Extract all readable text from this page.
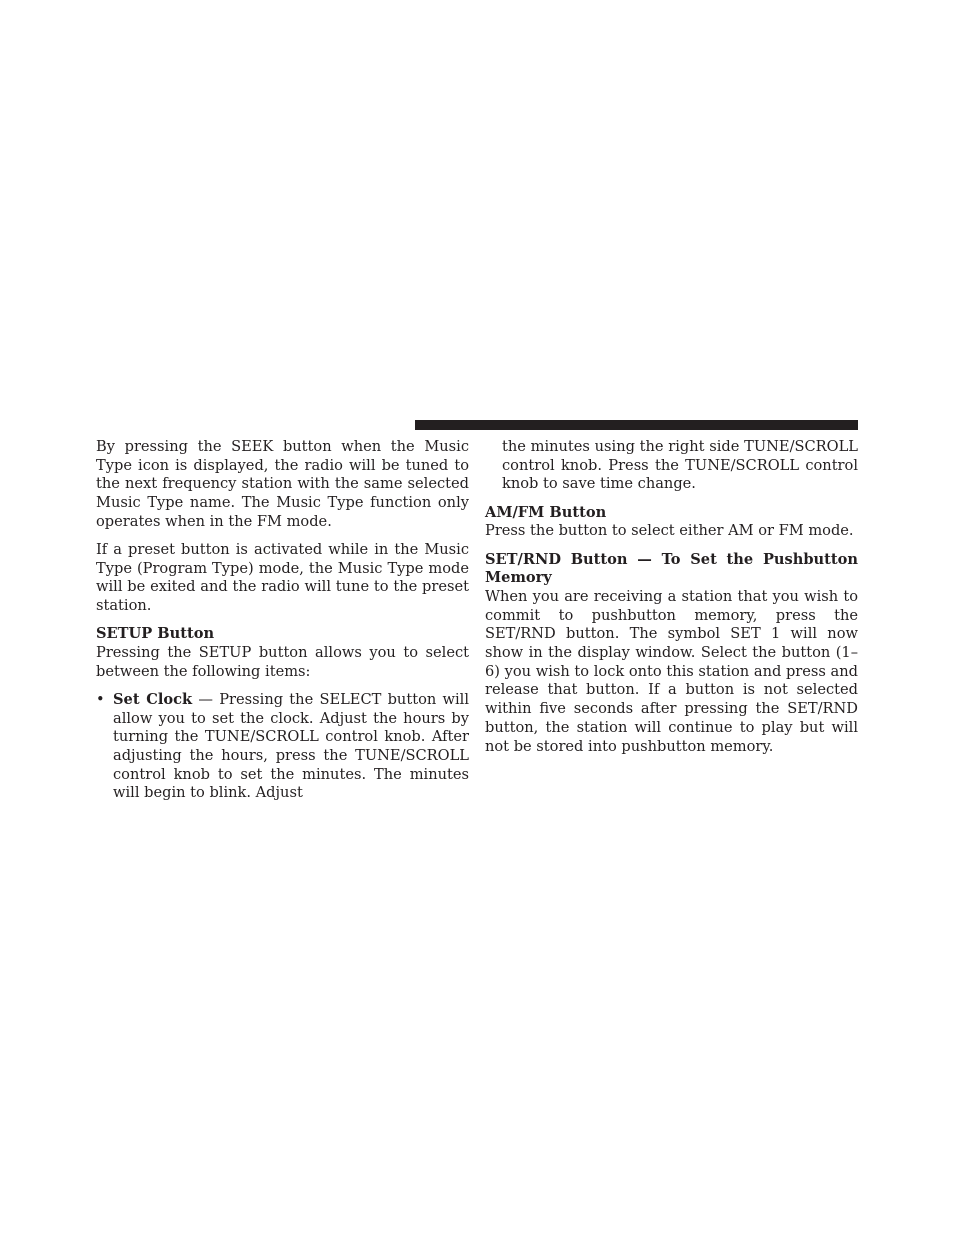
By pressing the SEEK button when the Music Type icon is displayed, the radio will be tuned to the next frequency station with the same selected Music Type name. The Music Type function only operates when in the FM mode.

If a preset button is activated while in the Music Type (Program Type) mode, the Music Type mode will be exited and the radio will tune to the preset station.

SETUP Button

Pressing the SETUP button allows you to select between the following items:

• Set Clock — Pressing the SELECT button will allow you to set the clock. Adjust the hours by turning the TUNE/SCROLL control knob. After adjusting the hours, press the TUNE/SCROLL control knob to set the minutes. The minutes will begin to blink. Adjust

the minutes using the right side TUNE/SCROLL control knob. Press the TUNE/SCROLL control knob to save time change.

AM/FM Button

Press the button to select either AM or FM mode.

SET/RND Button — To Set the Pushbutton Memory

When you are receiving a station that you wish to commit to pushbutton memory, press the SET/RND button. The symbol SET 1 will now show in the display window. Select the button (1–6) you wish to lock onto this station and press and release that button. If a button is not selected within five seconds after pressing the SET/RND button, the station will continue to play but will not be stored into pushbutton memory.
